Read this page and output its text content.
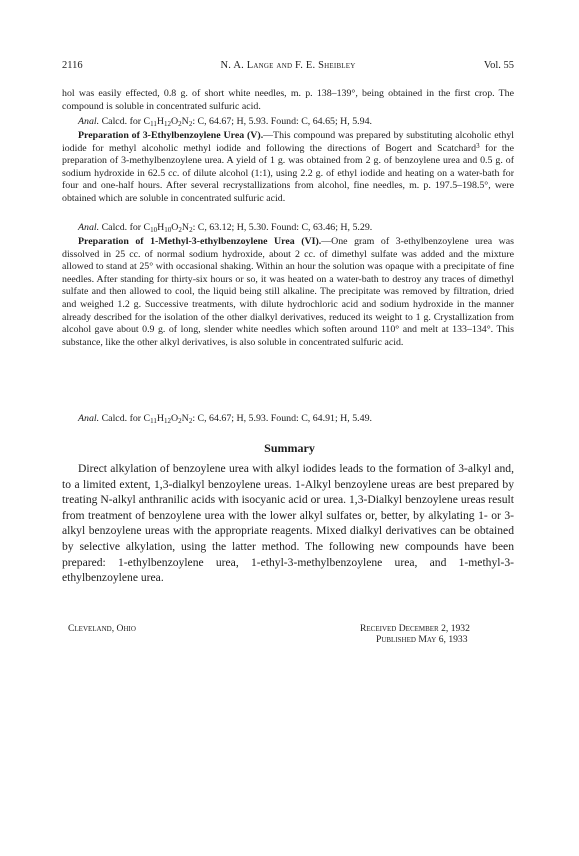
2116	N. A. Lange and F. E. Sheibley	Vol. 55

hol was easily effected, 0.8 g. of short white needles, m. p. 138–139°, being obtained in the first crop. The compound is soluble in concentrated sulfuric acid.

Anal. Calcd. for $C_{11}H_{12}O_2N_2$: C, 64.67; H, 5.93. Found: C, 64.65; H, 5.94.

Preparation of 3-Ethylbenzoylene Urea (V).—This compound was prepared by substituting alcoholic ethyl iodide for methyl alcoholic methyl iodide and following the directions of Bogert and Scatchard$^3$ for the preparation of 3-methylbenzoylene urea. A yield of 1 g. was obtained from 2 g. of benzoylene urea and 0.5 g. of sodium hydroxide in 62.5 cc. of dilute alcohol (1:1), using 2.2 g. of ethyl iodide and heating on a water-bath for four and one-half hours. After several recrystallizations from alcohol, fine needles, m. p. 197.5–198.5°, were obtained which are soluble in concentrated sulfuric acid.

Anal. Calcd. for $C_{10}H_{10}O_2N_2$: C, 63.12; H, 5.30. Found: C, 63.46; H, 5.29.

Preparation of 1-Methyl-3-ethylbenzoylene Urea (VI).—One gram of 3-ethylbenzoylene urea was dissolved in 25 cc. of normal sodium hydroxide, about 2 cc. of dimethyl sulfate was added and the mixture allowed to stand at 25° with occasional shaking. Within an hour the solution was opaque with a precipitate of fine needles. After standing for thirty-six hours or so, it was heated on a water-bath to destroy any traces of dimethyl sulfate and then allowed to cool, the liquid being still alkaline. The precipitate was removed by filtration, dried and weighed 1.2 g. Successive treatments, with dilute hydrochloric acid and sodium hydroxide in the manner already described for the isolation of the other dialkyl derivatives, reduced its weight to 1 g. Crystallization from alcohol gave about 0.9 g. of long, slender white needles which soften around 110° and melt at 133–134°. This substance, like the other alkyl derivatives, is also soluble in concentrated sulfuric acid.

Anal. Calcd. for $C_{11}H_{12}O_2N_2$: C, 64.67; H, 5.93. Found: C, 64.91; H, 5.49.
Summary

Direct alkylation of benzoylene urea with alkyl iodides leads to the formation of 3-alkyl and, to a limited extent, 1,3-dialkyl benzoylene ureas. 1-Alkyl benzoylene ureas are best prepared by treating N-alkyl anthranilic acids with isocyanic acid or urea. 1,3-Dialkyl benzoylene ureas result from treatment of benzoylene urea with the lower alkyl sulfates or, better, by alkylating 1- or 3-alkyl benzoylene ureas with the appropriate reagents. Mixed dialkyl derivatives can be obtained by selective alkylation, using the latter method. The following new compounds have been prepared: 1-ethylbenzoylene urea, 1-ethyl-3-methylbenzoylene urea, and 1-methyl-3-ethylbenzoylene urea.

Cleveland, Ohio	Received December 2, 1932
Published May 6, 1933
